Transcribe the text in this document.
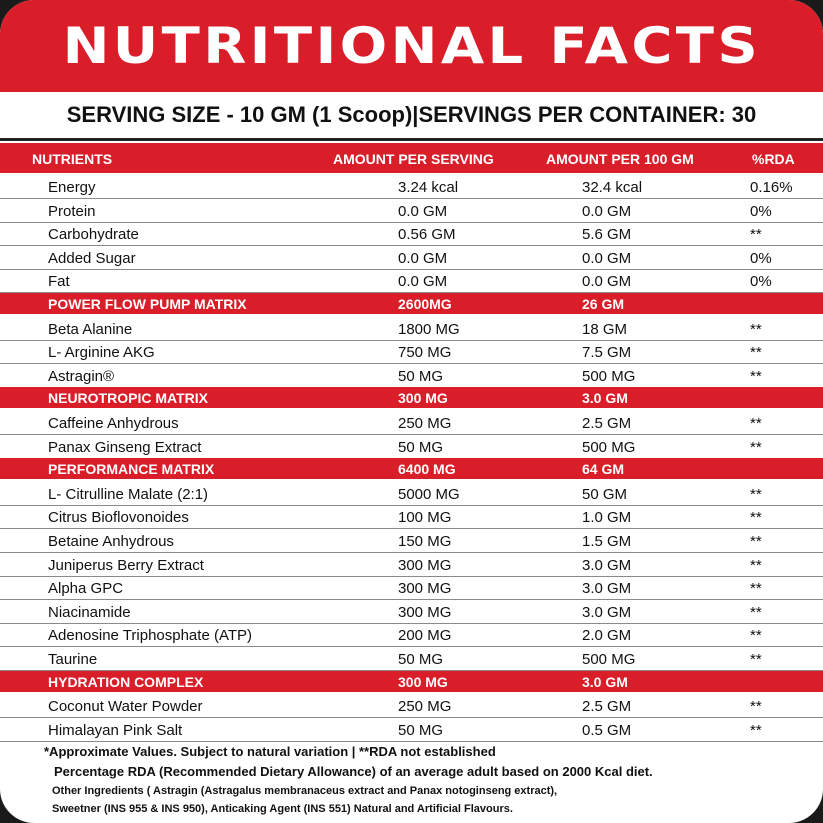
NUTRITIONAL FACTS
SERVING SIZE - 10 GM (1 Scoop) | SERVINGS PER CONTAINER: 30
NUTRIENTS	AMOUNT PER SERVING	AMOUNT PER 100 GM	%RDA
Energy	3.24 kcal	32.4 kcal	0.16%
Protein	0.0 GM	0.0 GM	0%
Carbohydrate	0.56 GM	5.6 GM	**
Added Sugar	0.0 GM	0.0 GM	0%
Fat	0.0 GM	0.0 GM	0%
POWER FLOW PUMP MATRIX	2600MG	26 GM
Beta Alanine	1800 MG	18 GM	**
L- Arginine AKG	750 MG	7.5 GM	**
Astragin®	50 MG	500 MG	**
NEUROTROPIC MATRIX	300 MG	3.0 GM
Caffeine Anhydrous	250 MG	2.5 GM	**
Panax Ginseng Extract	50 MG	500 MG	**
PERFORMANCE MATRIX	6400 MG	64 GM
L- Citrulline Malate (2:1)	5000 MG	50 GM	**
Citrus Bioflovonoides	100 MG	1.0 GM	**
Betaine Anhydrous	150 MG	1.5 GM	**
Juniperus Berry Extract	300 MG	3.0 GM	**
Alpha GPC	300 MG	3.0 GM	**
Niacinamide	300 MG	3.0 GM	**
Adenosine Triphosphate (ATP)	200 MG	2.0 GM	**
Taurine	50 MG	500 MG	**
HYDRATION COMPLEX	300 MG	3.0 GM
Coconut Water Powder	250 MG	2.5 GM	**
Himalayan Pink Salt	50 MG	0.5 GM	**
*Approximate Values. Subject to natural variation | **RDA not established
Percentage RDA (Recommended Dietary Allowance) of an average adult based on 2000 Kcal diet.
Other Ingredients ( Astragin (Astragalus membranaceus extract and Panax notoginseng extract),
Sweetner (INS 955 & INS 950), Anticaking Agent (INS 551) Natural and Artificial Flavours.
